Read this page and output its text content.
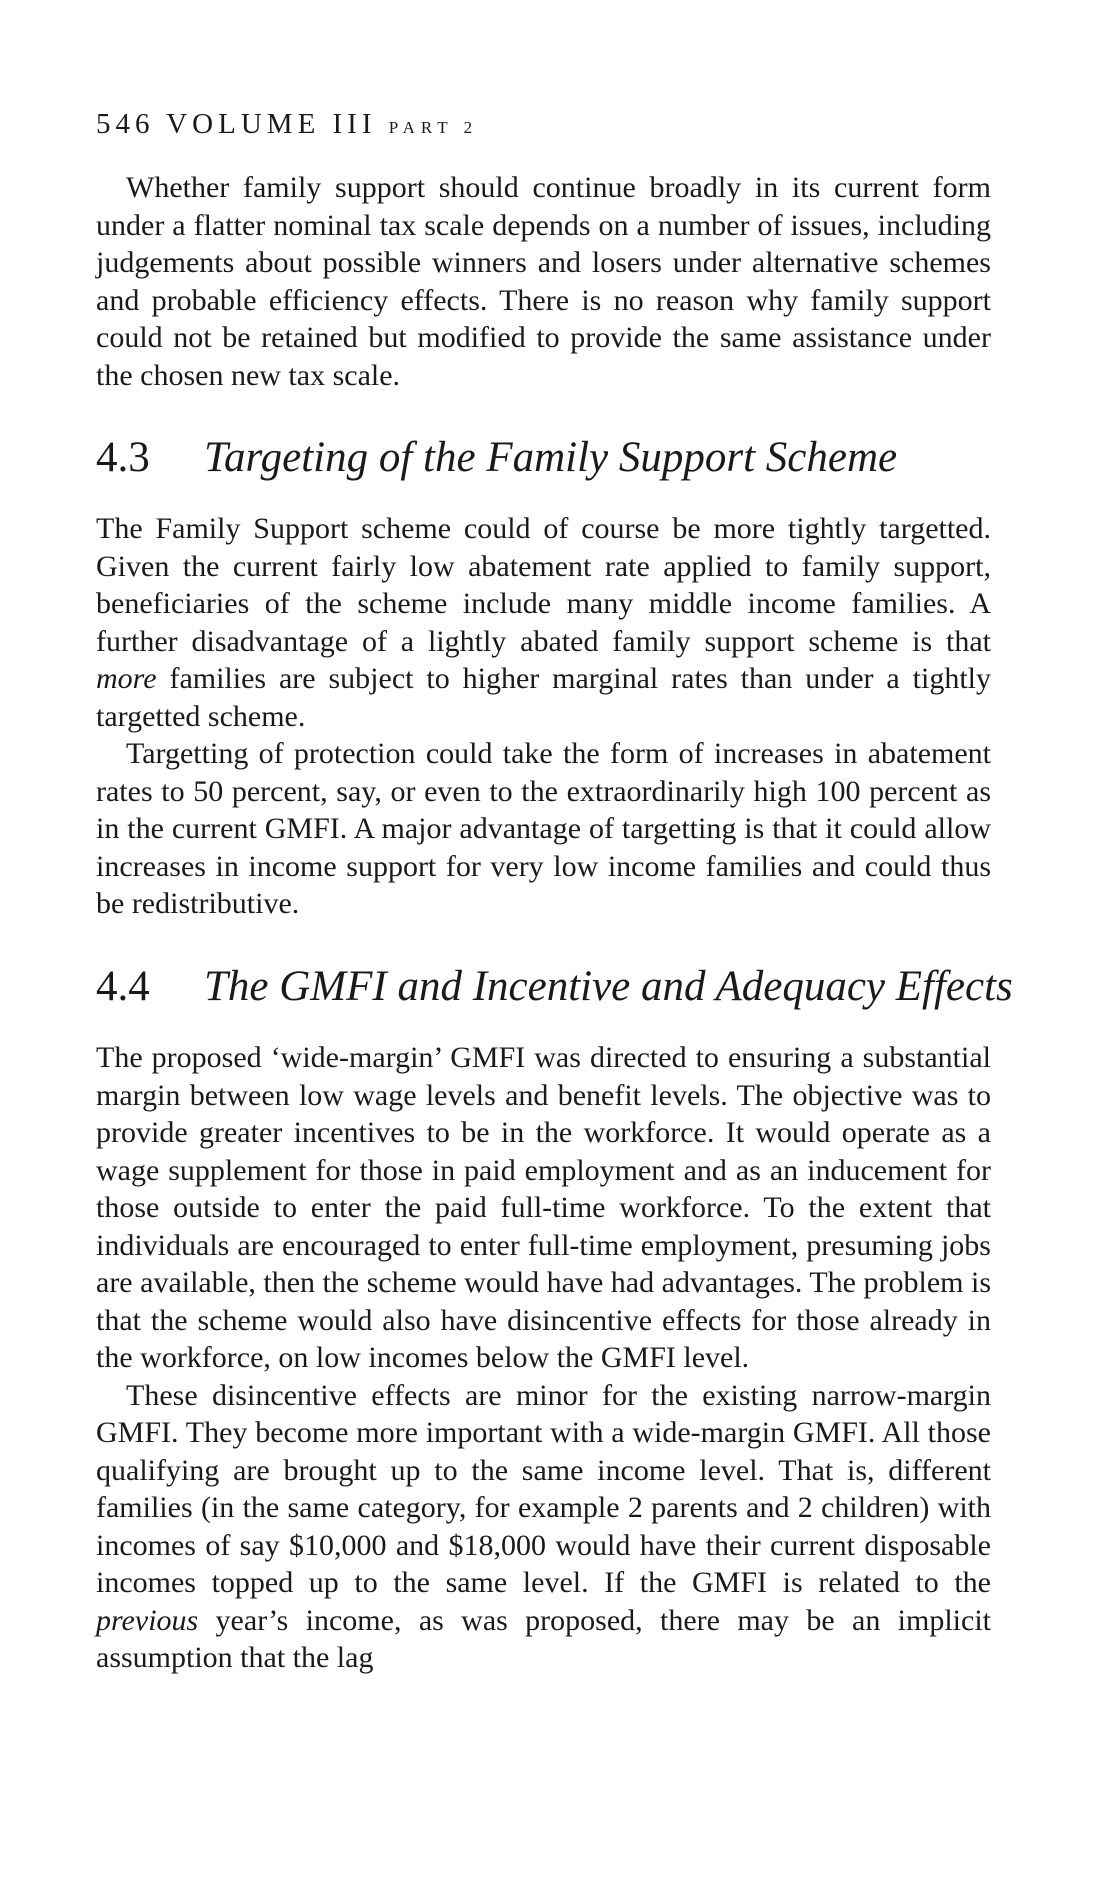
546 VOLUME III PART 2

Whether family support should continue broadly in its current form under a flatter nominal tax scale depends on a number of issues, including judgements about possible winners and losers under alternative schemes and probable efficiency effects. There is no reason why family support could not be retained but modified to provide the same assistance under the chosen new tax scale.

4.3 Targeting of the Family Support Scheme

The Family Support scheme could of course be more tightly targetted. Given the current fairly low abatement rate applied to family support, beneficiaries of the scheme include many middle income families. A further disadvantage of a lightly abated family support scheme is that more families are subject to higher marginal rates than under a tightly targetted scheme.

Targetting of protection could take the form of increases in abatement rates to 50 percent, say, or even to the extraordinarily high 100 percent as in the current GMFI. A major advantage of targetting is that it could allow increases in income support for very low income families and could thus be redistributive.

4.4 The GMFI and Incentive and Adequacy Effects

The proposed ‘wide-margin’ GMFI was directed to ensuring a substantial margin between low wage levels and benefit levels. The objective was to provide greater incentives to be in the workforce. It would operate as a wage supplement for those in paid employment and as an inducement for those outside to enter the paid full-time workforce. To the extent that individuals are encouraged to enter full-time employment, presuming jobs are available, then the scheme would have had advantages. The problem is that the scheme would also have disincentive effects for those already in the workforce, on low incomes below the GMFI level.

These disincentive effects are minor for the existing narrow-margin GMFI. They become more important with a wide-margin GMFI. All those qualifying are brought up to the same income level. That is, different families (in the same category, for example 2 parents and 2 children) with incomes of say $10,000 and $18,000 would have their current disposable incomes topped up to the same level. If the GMFI is related to the previous year’s income, as was proposed, there may be an implicit assumption that the lag
